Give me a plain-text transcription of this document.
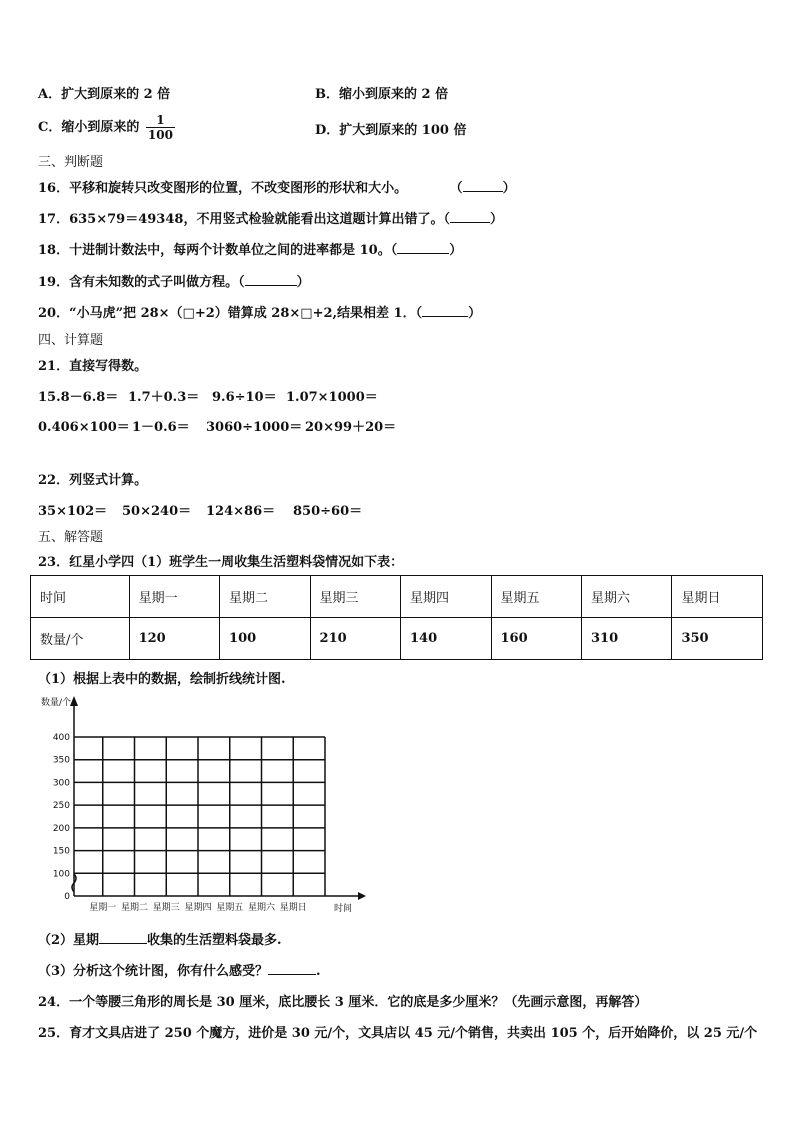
A．扩大到原来的 2 倍	B．缩小到原来的 2 倍
C．缩小到原来的 $\frac{1}{100}$	D．扩大到原来的 100 倍
三、判断题
16．平移和旋转只改变图形的位置，不改变图形的形状和大小。	（	）
17．635×79＝49348，不用竖式检验就能看出这道题计算出错了。（	）
18．十进制计数法中，每两个计数单位之间的进率都是 10。（	）
19．含有未知数的式子叫做方程。（	）
20．“小马虎”把 28×（□+2）错算成 28×□+2,结果相差 1．（	）
四、计算题
21．直接写得数。
15.8－6.8＝ 1.7＋0.3＝ 9.6÷10＝ 1.07×1000＝
0.406×100＝ 1－0.6＝ 3060÷1000＝ 20×99＋20＝
22．列竖式计算。
35×102＝ 50×240＝ 124×86＝ 850÷60＝
五、解答题
23．红星小学四（1）班学生一周收集生活塑料袋情况如下表：
时间	星期一	星期二	星期三	星期四	星期五	星期六	星期日
数量/个	120	100	210	140	160	310	350
（1）根据上表中的数据，绘制折线统计图.
0
100
150
200
250
300
350
400
星期一 星期二 星期三 星期四 星期五 星期六 星期日
数量/个
时间
（2）星期	收集的生活塑料袋最多.
（3）分析这个统计图，你有什么感受？	.
24．一个等腰三角形的周长是 30 厘米，底比腰长 3 厘米．它的底是多少厘米？（先画示意图，再解答）
25．育才文具店进了 250 个魔方，进价是 30 元/个，文具店以 45 元/个销售，共卖出 105 个，后开始降价，以 25 元/个
